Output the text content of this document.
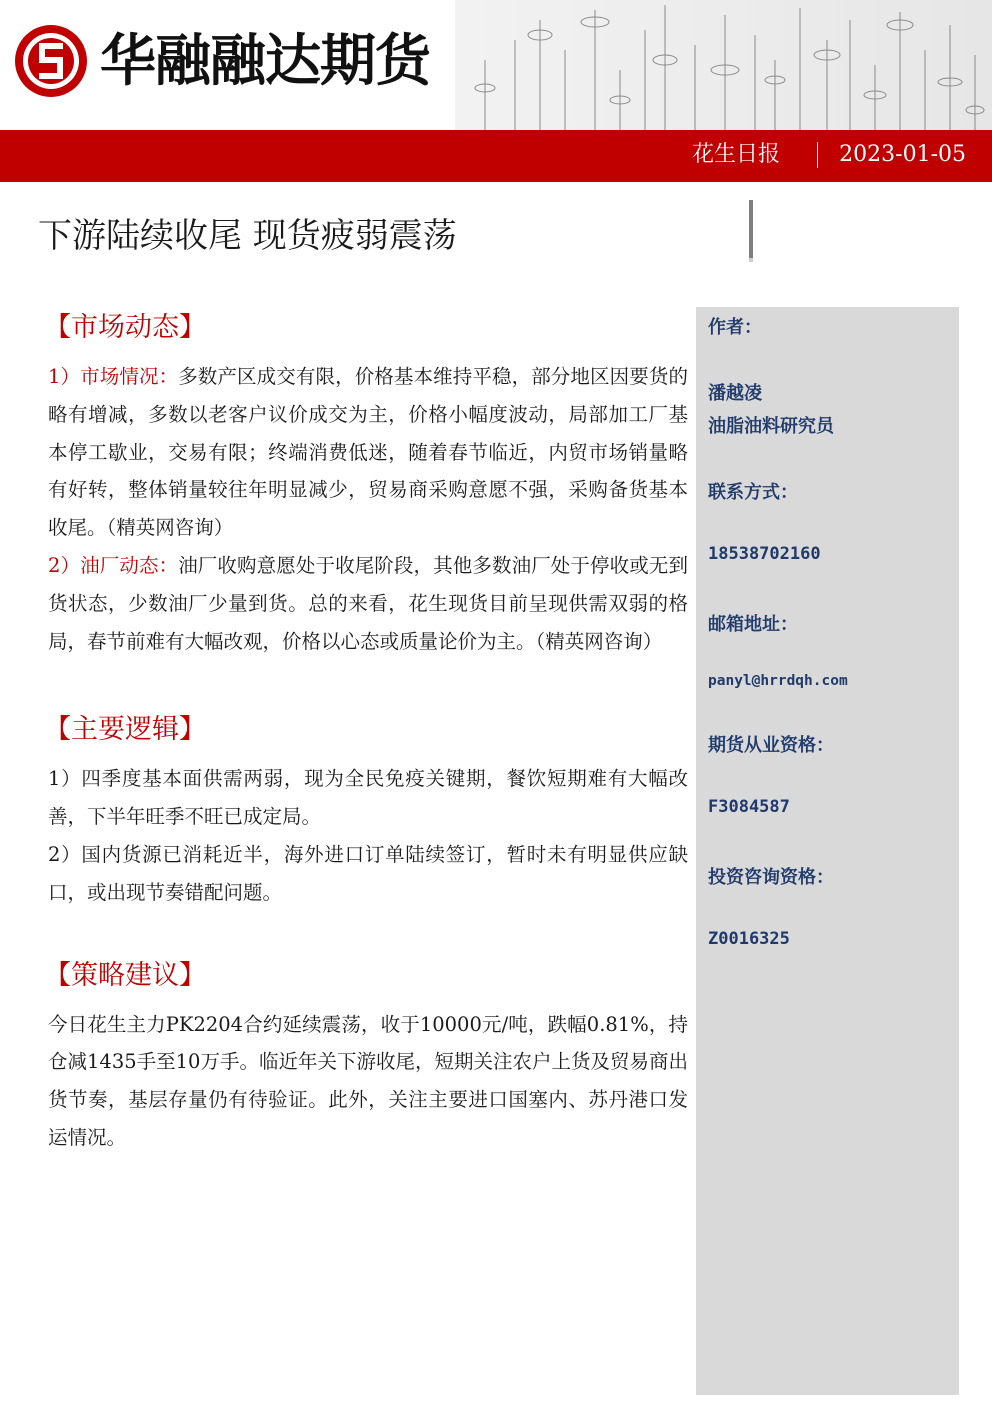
华融融达期货
花生日报	2023-01-05
下游陆续收尾 现货疲弱震荡
【市场动态】

1）市场情况：多数产区成交有限，价格基本维持平稳，部分地区因要货的略有增减，多数以老客户议价成交为主，价格小幅度波动，局部加工厂基本停工歇业，交易有限；终端消费低迷，随着春节临近，内贸市场销量略有好转，整体销量较往年明显减少，贸易商采购意愿不强，采购备货基本收尾。（精英网咨询）

2）油厂动态：油厂收购意愿处于收尾阶段，其他多数油厂处于停收或无到货状态，少数油厂少量到货。总的来看，花生现货目前呈现供需双弱的格局，春节前难有大幅改观，价格以心态或质量论价为主。（精英网咨询）

【主要逻辑】

1）四季度基本面供需两弱，现为全民免疫关键期，餐饮短期难有大幅改善，下半年旺季不旺已成定局。

2）国内货源已消耗近半，海外进口订单陆续签订，暂时未有明显供应缺口，或出现节奏错配问题。

【策略建议】

今日花生主力PK2204合约延续震荡，收于10000元/吨，跌幅0.81%，持仓减1435手至10万手。临近年关下游收尾，短期关注农户上货及贸易商出货节奏，基层存量仍有待验证。此外，关注主要进口国塞内、苏丹港口发运情况。

作者：
潘越凌
油脂油料研究员
联系方式：
18538702160
邮箱地址：
panyl@hrrdqh.com
期货从业资格：
F3084587
投资咨询资格：
Z0016325
